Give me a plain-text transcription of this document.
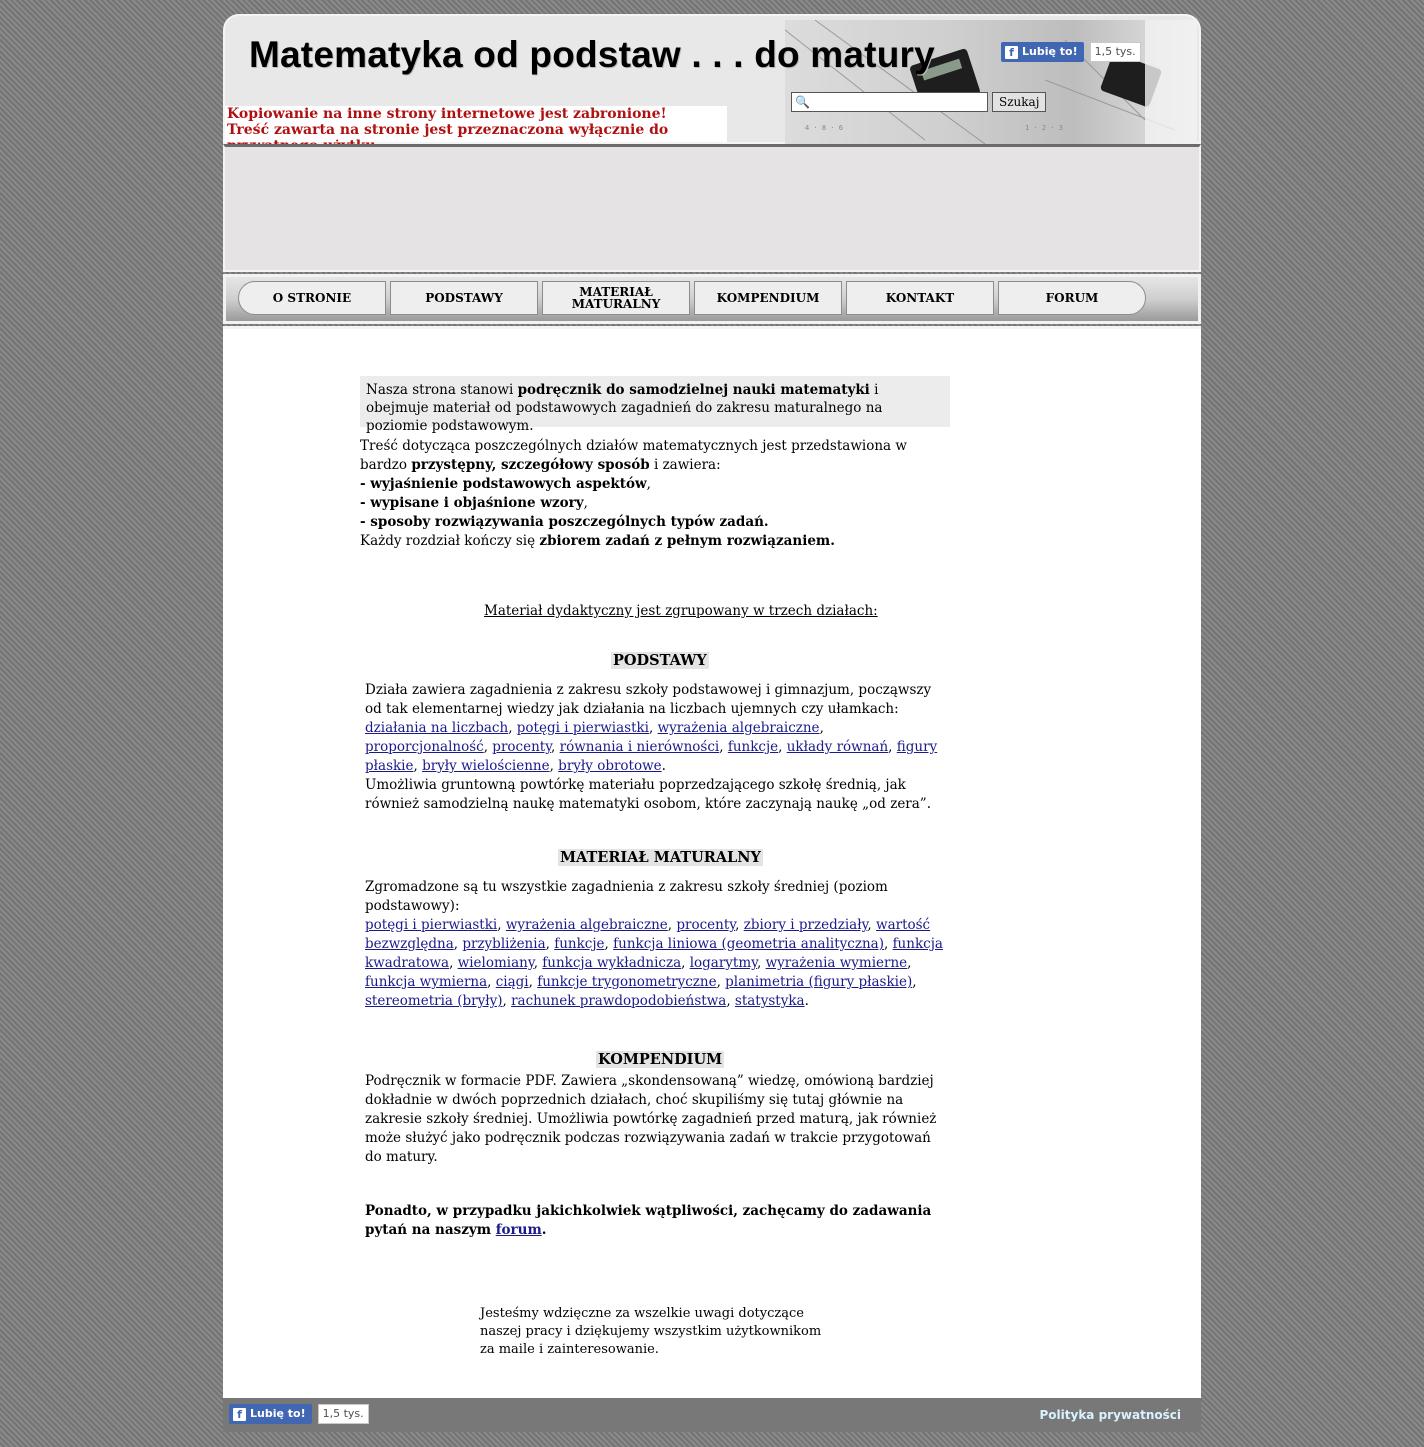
4 · 8 · 6	1 · 2 · 3
Matematyka od podstaw . . . do matury	f Lubię to!	1,5 tys.
🔍	Szukaj
Kopiowanie na inne strony internetowe jest zabronione!
Treść zawarta na stronie jest przeznaczona wyłącznie do
O STRONIE	PODSTAWY	MATERIAŁ
MATURALNY	KOMPENDIUM	KONTAKT	FORUM
Nasza strona stanowi podręcznik do samodzielnej nauki matematyki i obejmuje materiał od podstawowych zagadnień do zakresu maturalnego na poziomie podstawowym.
Treść dotycząca poszczególnych działów matematycznych jest przedstawiona w bardzo przystępny, szczegółowy sposób i zawiera:
- wyjaśnienie podstawowych aspektów,
- wypisane i objaśnione wzory,
- sposoby rozwiązywania poszczególnych typów zadań.
Każdy rozdział kończy się zbiorem zadań z pełnym rozwiązaniem.
Materiał dydaktyczny jest zgrupowany w trzech działach:
PODSTAWY
Działa zawiera zagadnienia z zakresu szkoły podstawowej i gimnazjum, począwszy od tak elementarnej wiedzy jak działania na liczbach ujemnych czy ułamkach:
działania na liczbach, potęgi i pierwiastki, wyrażenia algebraiczne, proporcjonalność, procenty, równania i nierówności, funkcje, układy równań, figury płaskie, bryły wielościenne, bryły obrotowe.
Umożliwia gruntowną powtórkę materiału poprzedzającego szkołę średnią, jak również samodzielną naukę matematyki osobom, które zaczynają naukę „od zera”.
MATERIAŁ MATURALNY
Zgromadzone są tu wszystkie zagadnienia z zakresu szkoły średniej (poziom podstawowy):
potęgi i pierwiastki, wyrażenia algebraiczne, procenty, zbiory i przedziały, wartość bezwzględna, przybliżenia, funkcje, funkcja liniowa (geometria analityczna), funkcja kwadratowa, wielomiany, funkcja wykładnicza, logarytmy, wyrażenia wymierne, funkcja wymierna, ciągi, funkcje trygonometryczne, planimetria (figury płaskie), stereometria (bryły), rachunek prawdopodobieństwa, statystyka.
KOMPENDIUM
Podręcznik w formacie PDF. Zawiera „skondensowaną” wiedzę, omówioną bardziej dokładnie w dwóch poprzednich działach, choć skupiliśmy się tutaj głównie na zakresie szkoły średniej. Umożliwia powtórkę zagadnień przed maturą, jak również może służyć jako podręcznik podczas rozwiązywania zadań w trakcie przygotowań do matury.
Ponadto, w przypadku jakichkolwiek wątpliwości, zachęcamy do zadawania pytań na naszym forum.
Jesteśmy wdzięczne za wszelkie uwagi dotyczące naszej pracy i dziękujemy wszystkim użytkownikom za maile i zainteresowanie.
f Lubię to!	1,5 tys.	Polityka prywatności
